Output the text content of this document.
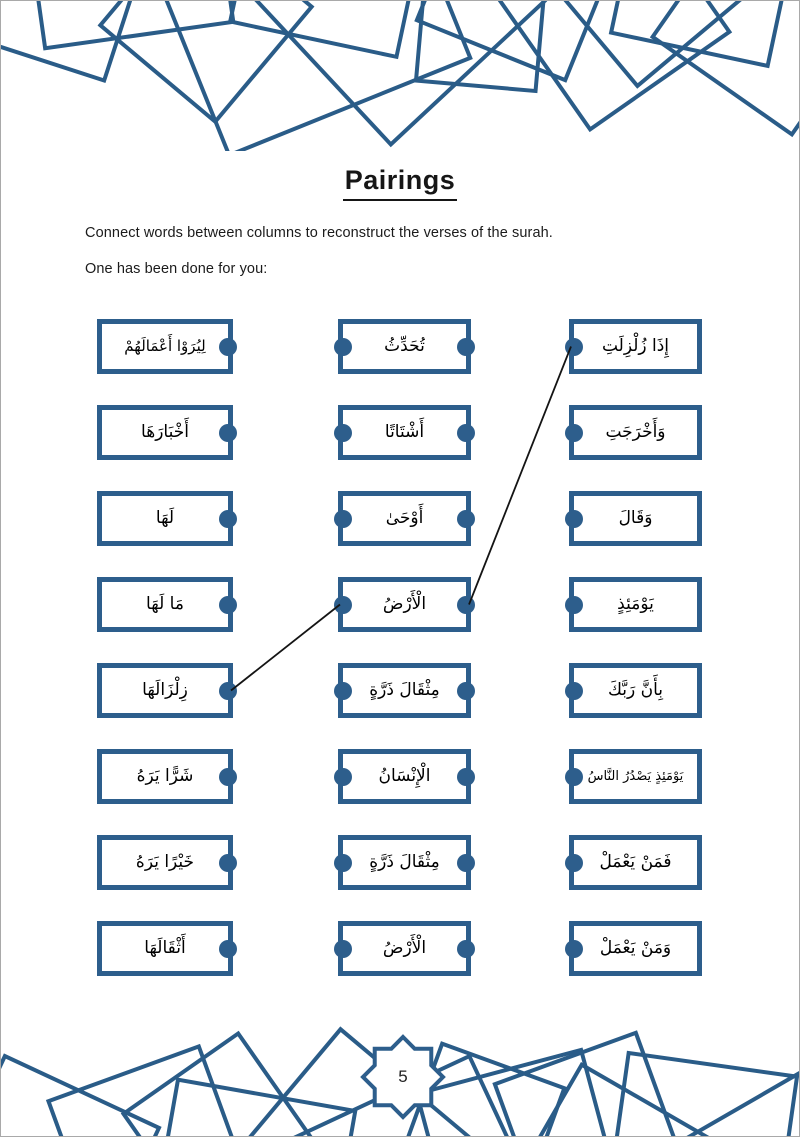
Pairings
Connect words between columns to reconstruct the verses of the surah.
One has been done for you:
لِيُرَوْا أَعْمَالَهُمْ
أَخْبَارَهَا
لَهَا
مَا لَهَا
زِلْزَالَهَا
شَرًّا يَرَهُ
خَيْرًا يَرَهُ
أَثْقَالَهَا
تُحَدِّثُ
أَشْتَاتًا
أَوْحَىٰ
الْأَرْضُ
مِثْقَالَ ذَرَّةٍ
الْإِنْسَانُ
مِثْقَالَ ذَرَّةٍ
الْأَرْضُ
إِذَا زُلْزِلَتِ
وَأَخْرَجَتِ
وَقَالَ
يَوْمَئِذٍ
بِأَنَّ رَبَّكَ
يَوْمَئِذٍ يَصْدُرُ النَّاسُ
فَمَنْ يَعْمَلْ
وَمَنْ يَعْمَلْ
5
